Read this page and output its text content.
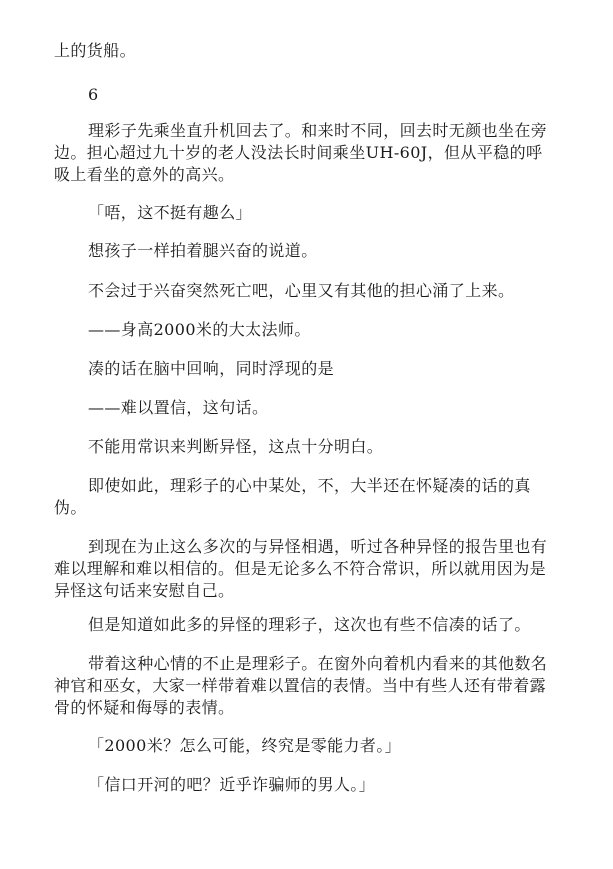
上的货船。

6

理彩子先乘坐直升机回去了。和来时不同，回去时无颜也坐在旁边。担心超过九十岁的老人没法长时间乘坐UH-60J，但从平稳的呼吸上看坐的意外的高兴。

「唔，这不挺有趣么」

想孩子一样拍着腿兴奋的说道。

不会过于兴奋突然死亡吧，心里又有其他的担心涌了上来。

——身高2000米的大太法师。

凑的话在脑中回响，同时浮现的是

——难以置信，这句话。

不能用常识来判断异怪，这点十分明白。

即使如此，理彩子的心中某处，不，大半还在怀疑凑的话的真伪。

到现在为止这么多次的与异怪相遇，听过各种异怪的报告里也有难以理解和难以相信的。但是无论多么不符合常识，所以就用因为是异怪这句话来安慰自己。

但是知道如此多的异怪的理彩子，这次也有些不信凑的话了。

带着这种心情的不止是理彩子。在窗外向着机内看来的其他数名神官和巫女，大家一样带着难以置信的表情。当中有些人还有带着露骨的怀疑和侮辱的表情。

「2000米？怎么可能，终究是零能力者。」

「信口开河的吧？近乎诈骗师的男人。」
